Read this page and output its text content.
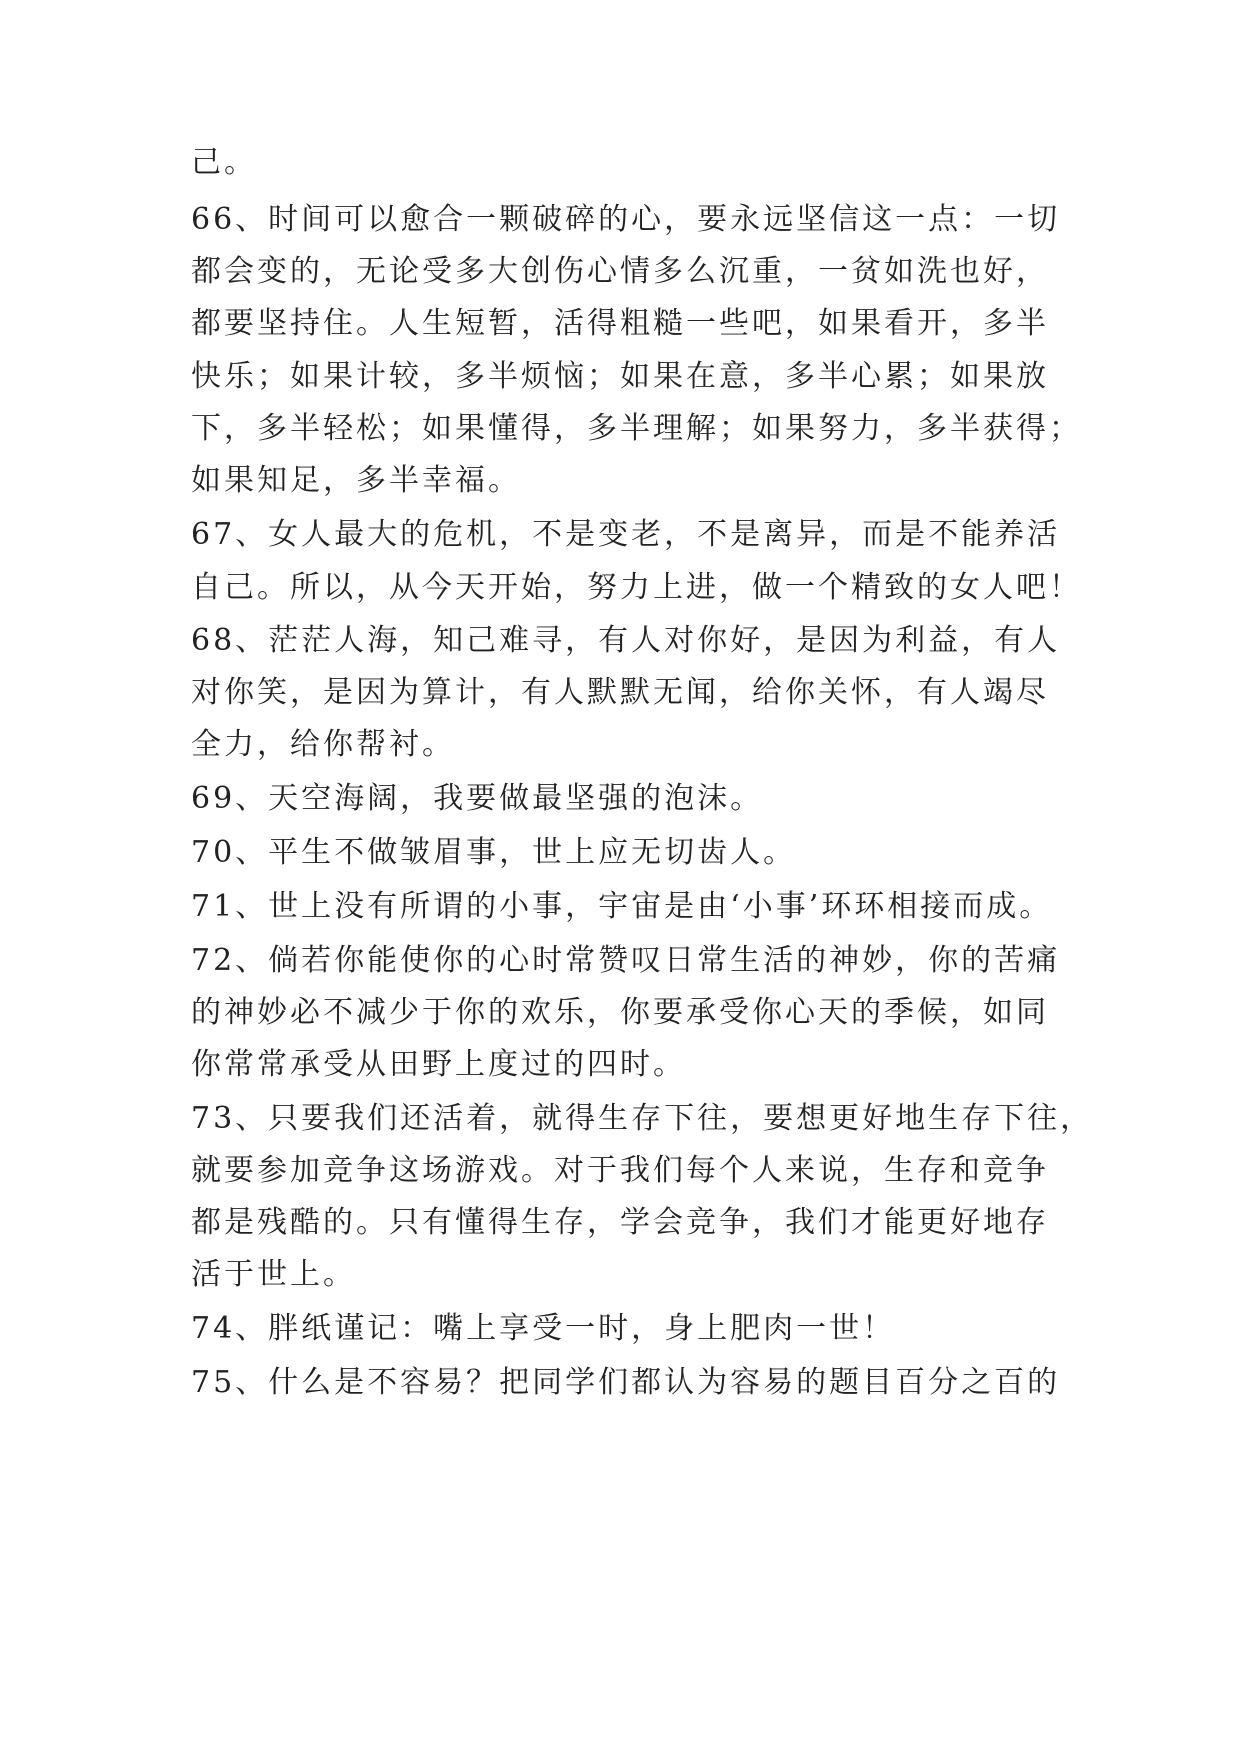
己。

66、时间可以愈合一颗破碎的心，要永远坚信这一点：一切

都会变的，无论受多大创伤心情多么沉重，一贫如洗也好，

都要坚持住。人生短暂，活得粗糙一些吧，如果看开，多半

快乐；如果计较，多半烦恼；如果在意，多半心累；如果放

下，多半轻松；如果懂得，多半理解；如果努力，多半获得；

如果知足，多半幸福。

67、女人最大的危机，不是变老，不是离异，而是不能养活

自己。所以，从今天开始，努力上进，做一个精致的女人吧！

68、茫茫人海，知己难寻，有人对你好，是因为利益，有人

对你笑，是因为算计，有人默默无闻，给你关怀，有人竭尽

全力，给你帮衬。

69、天空海阔，我要做最坚强的泡沫。

70、平生不做皱眉事，世上应无切齿人。

71、世上没有所谓的小事，宇宙是由‘小事’环环相接而成。

72、倘若你能使你的心时常赞叹日常生活的神妙，你的苦痛

的神妙必不减少于你的欢乐，你要承受你心天的季候，如同

你常常承受从田野上度过的四时。

73、只要我们还活着，就得生存下往，要想更好地生存下往，

就要参加竞争这场游戏。对于我们每个人来说，生存和竞争

都是残酷的。只有懂得生存，学会竞争，我们才能更好地存

活于世上。

74、胖纸谨记：嘴上享受一时，身上肥肉一世！

75、什么是不容易？把同学们都认为容易的题目百分之百的
